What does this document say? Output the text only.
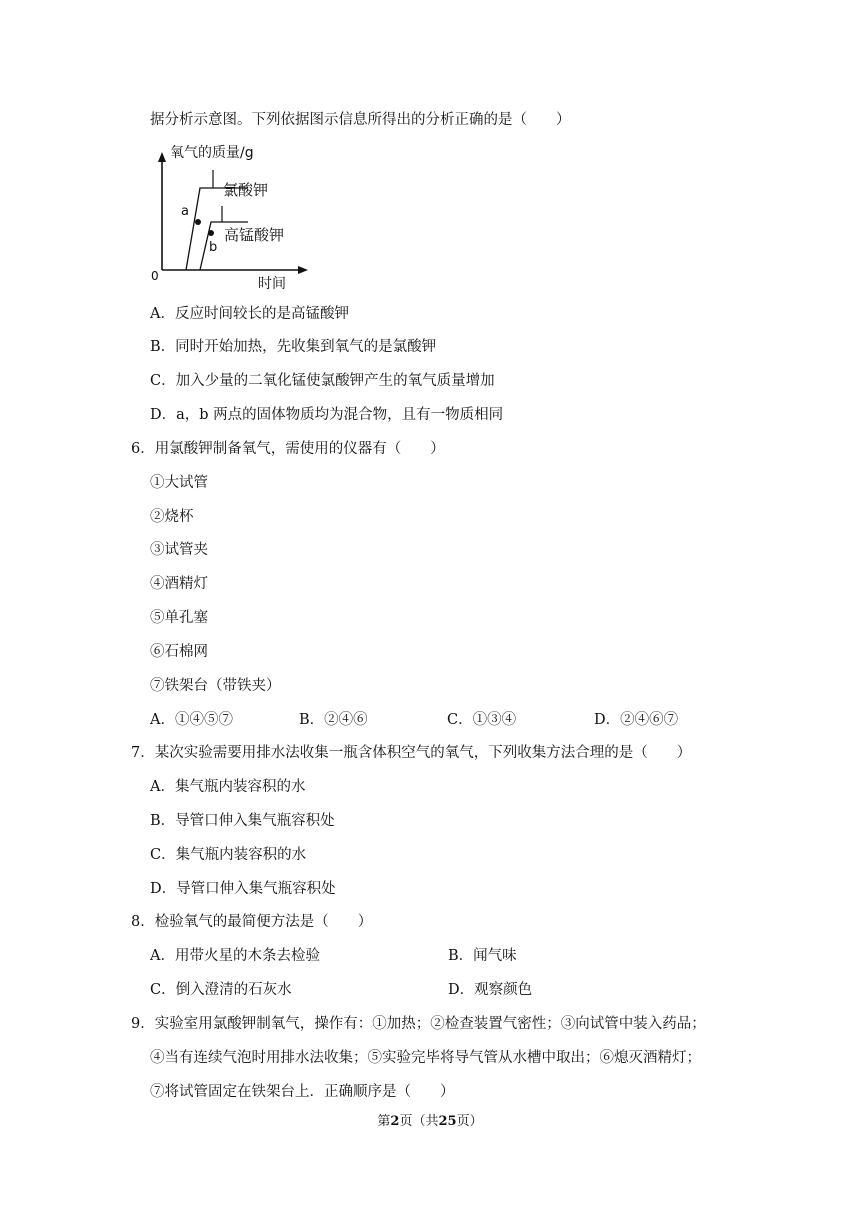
据分析示意图。下列依据图示信息所得出的分析正确的是（　　）
氧气的质量/g
时间
0
a
b
氯酸钾
高锰酸钾
A．反应时间较长的是高锰酸钾
B．同时开始加热，先收集到氧气的是氯酸钾
C．加入少量的二氧化锰使氯酸钾产生的氧气质量增加
D．a，b 两点的固体物质均为混合物，且有一物质相同
6．用氯酸钾制备氧气，需使用的仪器有（　　）
①大试管
②烧杯
③试管夹
④酒精灯
⑤单孔塞
⑥石棉网
⑦铁架台（带铁夹）
A．①④⑤⑦	B．②④⑥	C．①③④	D．②④⑥⑦
7．某次实验需要用排水法收集一瓶含体积空气的氧气，下列收集方法合理的是（　　）
A．集气瓶内装容积的水
B．导管口伸入集气瓶容积处
C．集气瓶内装容积的水
D．导管口伸入集气瓶容积处
8．检验氧气的最简便方法是（　　）
A．用带火星的木条去检验	B．闻气味
C．倒入澄清的石灰水	D．观察颜色
9．实验室用氯酸钾制氧气，操作有：①加热；②检查装置气密性；③向试管中装入药品；
④当有连续气泡时用排水法收集；⑤实验完毕将导气管从水槽中取出；⑥熄灭酒精灯；
⑦将试管固定在铁架台上．正确顺序是（　　）
第2页（共25页）
